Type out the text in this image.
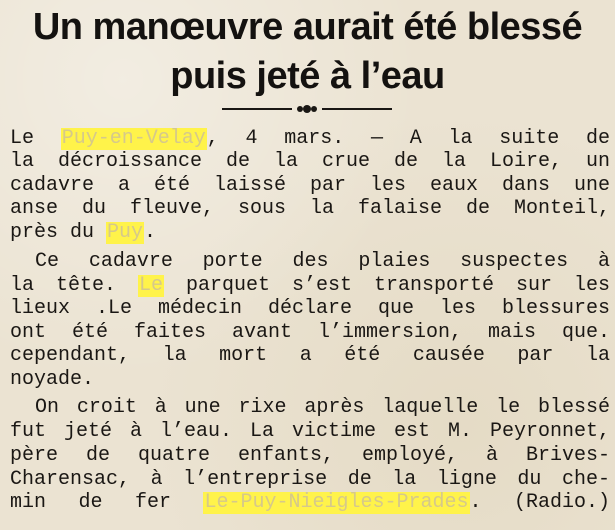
Un manœuvre aurait été blessé
puis jeté à l’eau
Le Puy-en-Velay, 4 mars. — A la suite de
la décroissance de la crue de la Loire, un
cadavre a été laissé par les eaux dans une
anse du fleuve, sous la falaise de Monteil,
près du Puy.
Ce cadavre porte des plaies suspectes à
la tête. Le parquet s’est transporté sur les
lieux .Le médecin déclare que les blessures
ont été faites avant l’immersion, mais que.
cependant, la mort a été causée par la
noyade.
On croit à une rixe après laquelle le blessé
fut jeté à l’eau. La victime est M. Peyronnet,
père de quatre enfants, employé, à Brives-
Charensac, à l’entreprise de la ligne du che-
min de fer Le-Puy-Nieigles-Prades. (Radio.)
